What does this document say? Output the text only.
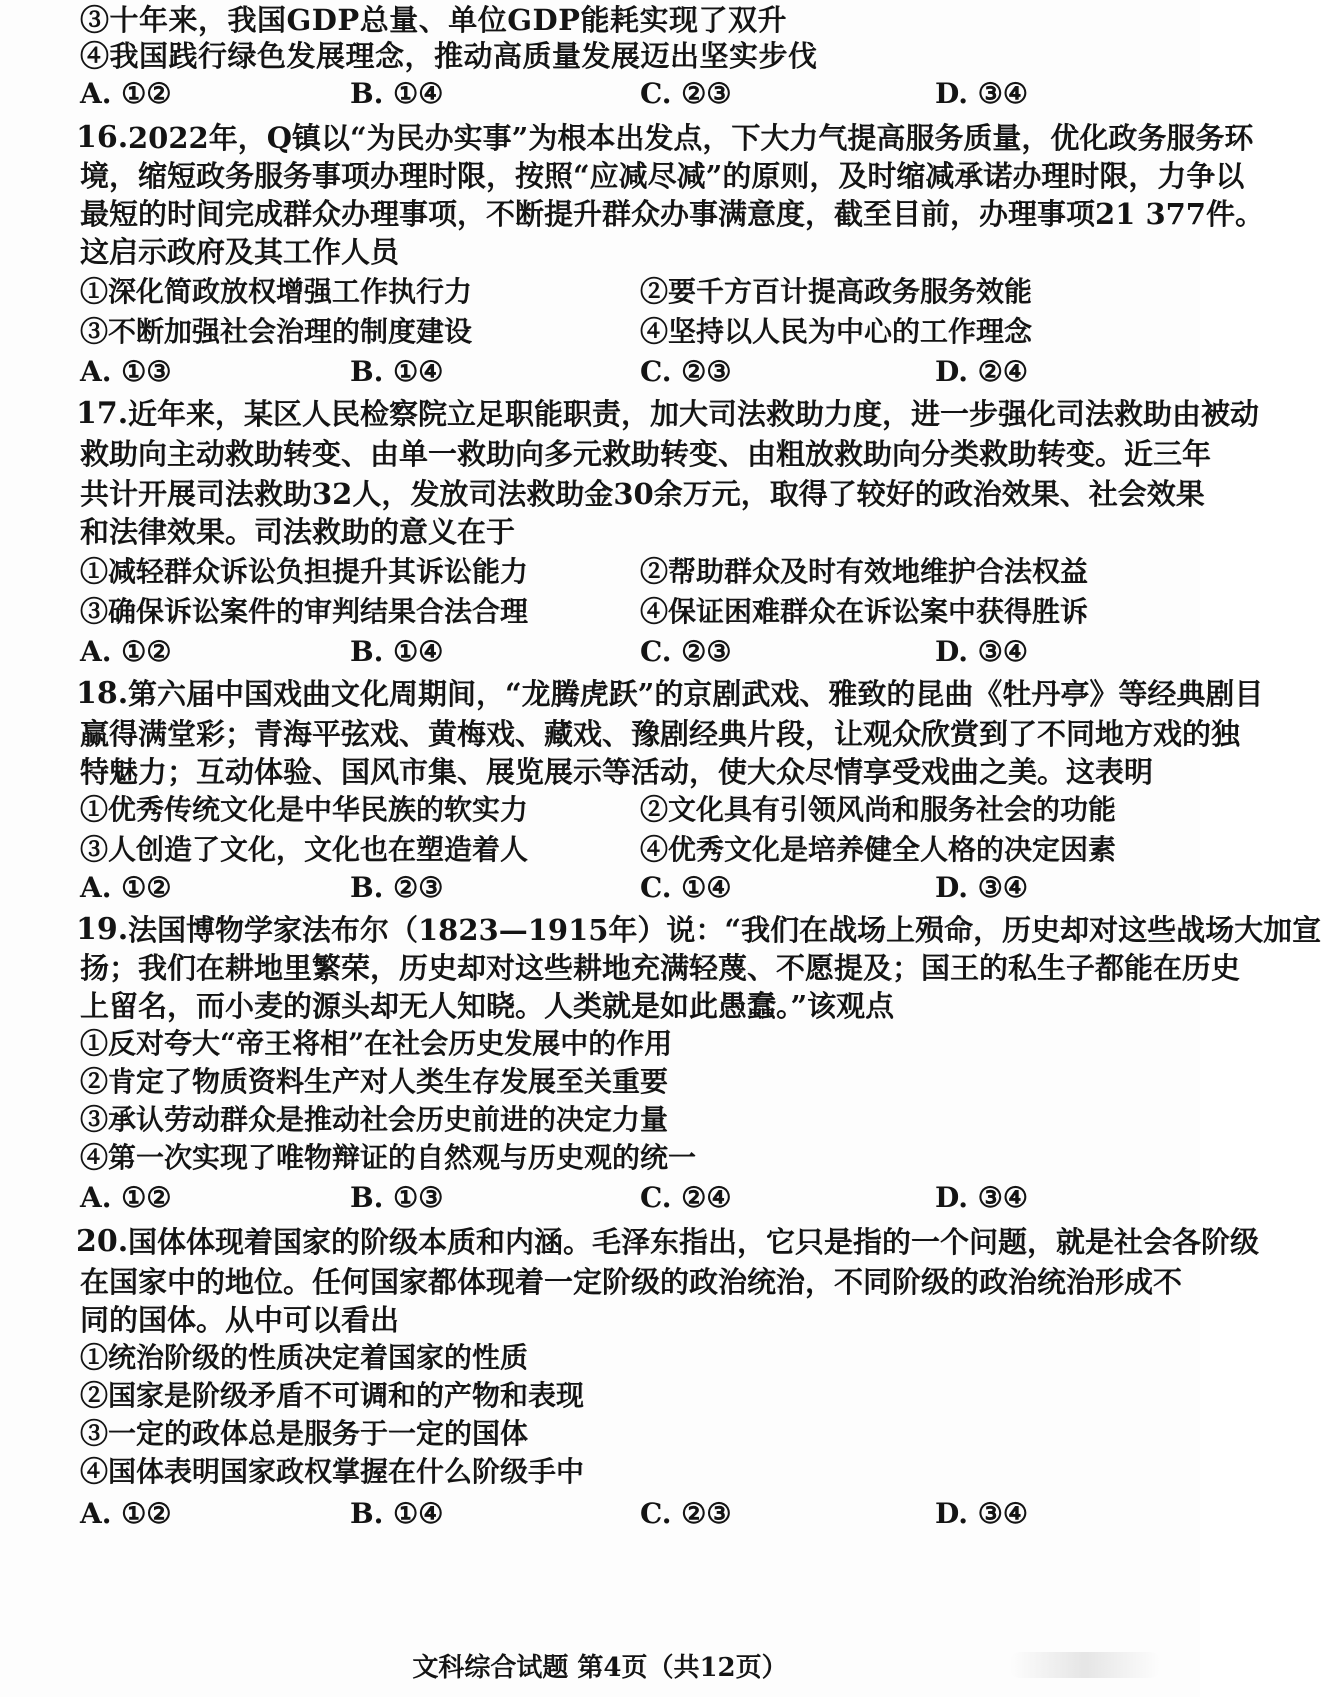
③十年来，我国GDP总量、单位GDP能耗实现了双升
④我国践行绿色发展理念，推动高质量发展迈出坚实步伐
A. ①②	B. ①④	C. ②③	D. ③④
16. 2022年，Q镇以“为民办实事”为根本出发点，下大力气提高服务质量，优化政务服务环
境，缩短政务服务事项办理时限，按照“应减尽减”的原则，及时缩减承诺办理时限，力争以
最短的时间完成群众办理事项，不断提升群众办事满意度，截至目前，办理事项21 377件。
这启示政府及其工作人员
①深化简政放权增强工作执行力	②要千方百计提高政务服务效能
③不断加强社会治理的制度建设	④坚持以人民为中心的工作理念
A. ①③	B. ①④	C. ②③	D. ②④
17. 近年来，某区人民检察院立足职能职责，加大司法救助力度，进一步强化司法救助由被动
救助向主动救助转变、由单一救助向多元救助转变、由粗放救助向分类救助转变。近三年
共计开展司法救助32人，发放司法救助金30余万元，取得了较好的政治效果、社会效果
和法律效果。司法救助的意义在于
①减轻群众诉讼负担提升其诉讼能力	②帮助群众及时有效地维护合法权益
③确保诉讼案件的审判结果合法合理	④保证困难群众在诉讼案中获得胜诉
A. ①②	B. ①④	C. ②③	D. ③④
18. 第六届中国戏曲文化周期间，“龙腾虎跃”的京剧武戏、雅致的昆曲《牡丹亭》等经典剧目
赢得满堂彩；青海平弦戏、黄梅戏、藏戏、豫剧经典片段，让观众欣赏到了不同地方戏的独
特魅力；互动体验、国风市集、展览展示等活动，使大众尽情享受戏曲之美。这表明
①优秀传统文化是中华民族的软实力	②文化具有引领风尚和服务社会的功能
③人创造了文化，文化也在塑造着人	④优秀文化是培养健全人格的决定因素
A. ①②	B. ②③	C. ①④	D. ③④
19. 法国博物学家法布尔（1823—1915年）说：“我们在战场上殒命，历史却对这些战场大加宣
扬；我们在耕地里繁荣，历史却对这些耕地充满轻蔑、不愿提及；国王的私生子都能在历史
上留名，而小麦的源头却无人知晓。人类就是如此愚蠢。”该观点
①反对夸大“帝王将相”在社会历史发展中的作用
②肯定了物质资料生产对人类生存发展至关重要
③承认劳动群众是推动社会历史前进的决定力量
④第一次实现了唯物辩证的自然观与历史观的统一
A. ①②	B. ①③	C. ②④	D. ③④
20. 国体体现着国家的阶级本质和内涵。毛泽东指出，它只是指的一个问题，就是社会各阶级
在国家中的地位。任何国家都体现着一定阶级的政治统治，不同阶级的政治统治形成不
同的国体。从中可以看出
①统治阶级的性质决定着国家的性质
②国家是阶级矛盾不可调和的产物和表现
③一定的政体总是服务于一定的国体
④国体表明国家政权掌握在什么阶级手中
A. ①②	B. ①④	C. ②③	D. ③④
文科综合试题 第4页（共12页）
